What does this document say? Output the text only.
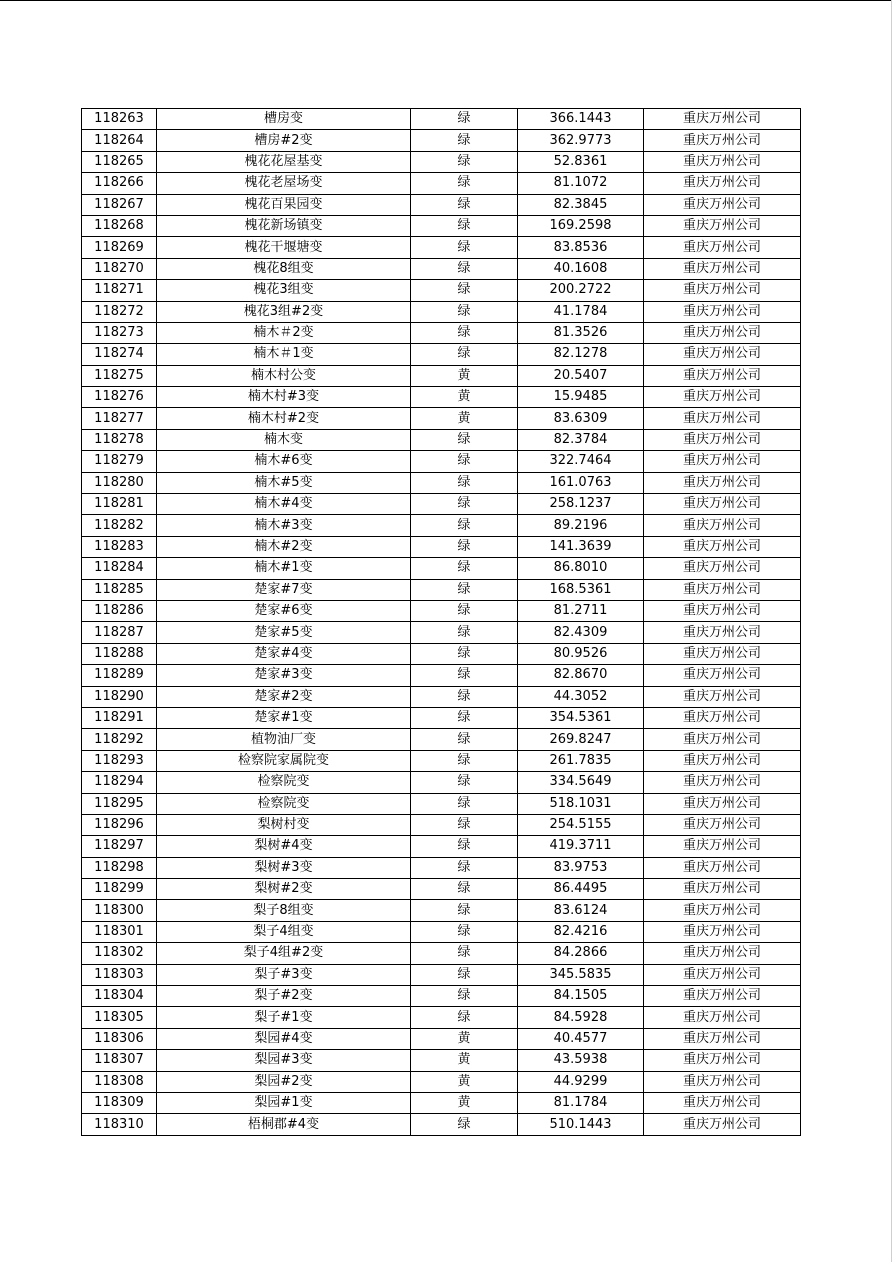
118263	槽房变	绿	366.1443	重庆万州公司
118264	槽房#2变	绿	362.9773	重庆万州公司
118265	槐花花屋基变	绿	52.8361	重庆万州公司
118266	槐花老屋场变	绿	81.1072	重庆万州公司
118267	槐花百果园变	绿	82.3845	重庆万州公司
118268	槐花新场镇变	绿	169.2598	重庆万州公司
118269	槐花干堰塘变	绿	83.8536	重庆万州公司
118270	槐花8组变	绿	40.1608	重庆万州公司
118271	槐花3组变	绿	200.2722	重庆万州公司
118272	槐花3组#2变	绿	41.1784	重庆万州公司
118273	楠木＃2变	绿	81.3526	重庆万州公司
118274	楠木＃1变	绿	82.1278	重庆万州公司
118275	楠木村公变	黄	20.5407	重庆万州公司
118276	楠木村#3变	黄	15.9485	重庆万州公司
118277	楠木村#2变	黄	83.6309	重庆万州公司
118278	楠木变	绿	82.3784	重庆万州公司
118279	楠木#6变	绿	322.7464	重庆万州公司
118280	楠木#5变	绿	161.0763	重庆万州公司
118281	楠木#4变	绿	258.1237	重庆万州公司
118282	楠木#3变	绿	89.2196	重庆万州公司
118283	楠木#2变	绿	141.3639	重庆万州公司
118284	楠木#1变	绿	86.8010	重庆万州公司
118285	楚家#7变	绿	168.5361	重庆万州公司
118286	楚家#6变	绿	81.2711	重庆万州公司
118287	楚家#5变	绿	82.4309	重庆万州公司
118288	楚家#4变	绿	80.9526	重庆万州公司
118289	楚家#3变	绿	82.8670	重庆万州公司
118290	楚家#2变	绿	44.3052	重庆万州公司
118291	楚家#1变	绿	354.5361	重庆万州公司
118292	植物油厂变	绿	269.8247	重庆万州公司
118293	检察院家属院变	绿	261.7835	重庆万州公司
118294	检察院变	绿	334.5649	重庆万州公司
118295	检察院变	绿	518.1031	重庆万州公司
118296	梨树村变	绿	254.5155	重庆万州公司
118297	梨树#4变	绿	419.3711	重庆万州公司
118298	梨树#3变	绿	83.9753	重庆万州公司
118299	梨树#2变	绿	86.4495	重庆万州公司
118300	梨子8组变	绿	83.6124	重庆万州公司
118301	梨子4组变	绿	82.4216	重庆万州公司
118302	梨子4组#2变	绿	84.2866	重庆万州公司
118303	梨子#3变	绿	345.5835	重庆万州公司
118304	梨子#2变	绿	84.1505	重庆万州公司
118305	梨子#1变	绿	84.5928	重庆万州公司
118306	梨园#4变	黄	40.4577	重庆万州公司
118307	梨园#3变	黄	43.5938	重庆万州公司
118308	梨园#2变	黄	44.9299	重庆万州公司
118309	梨园#1变	黄	81.1784	重庆万州公司
118310	梧桐郡#4变	绿	510.1443	重庆万州公司
